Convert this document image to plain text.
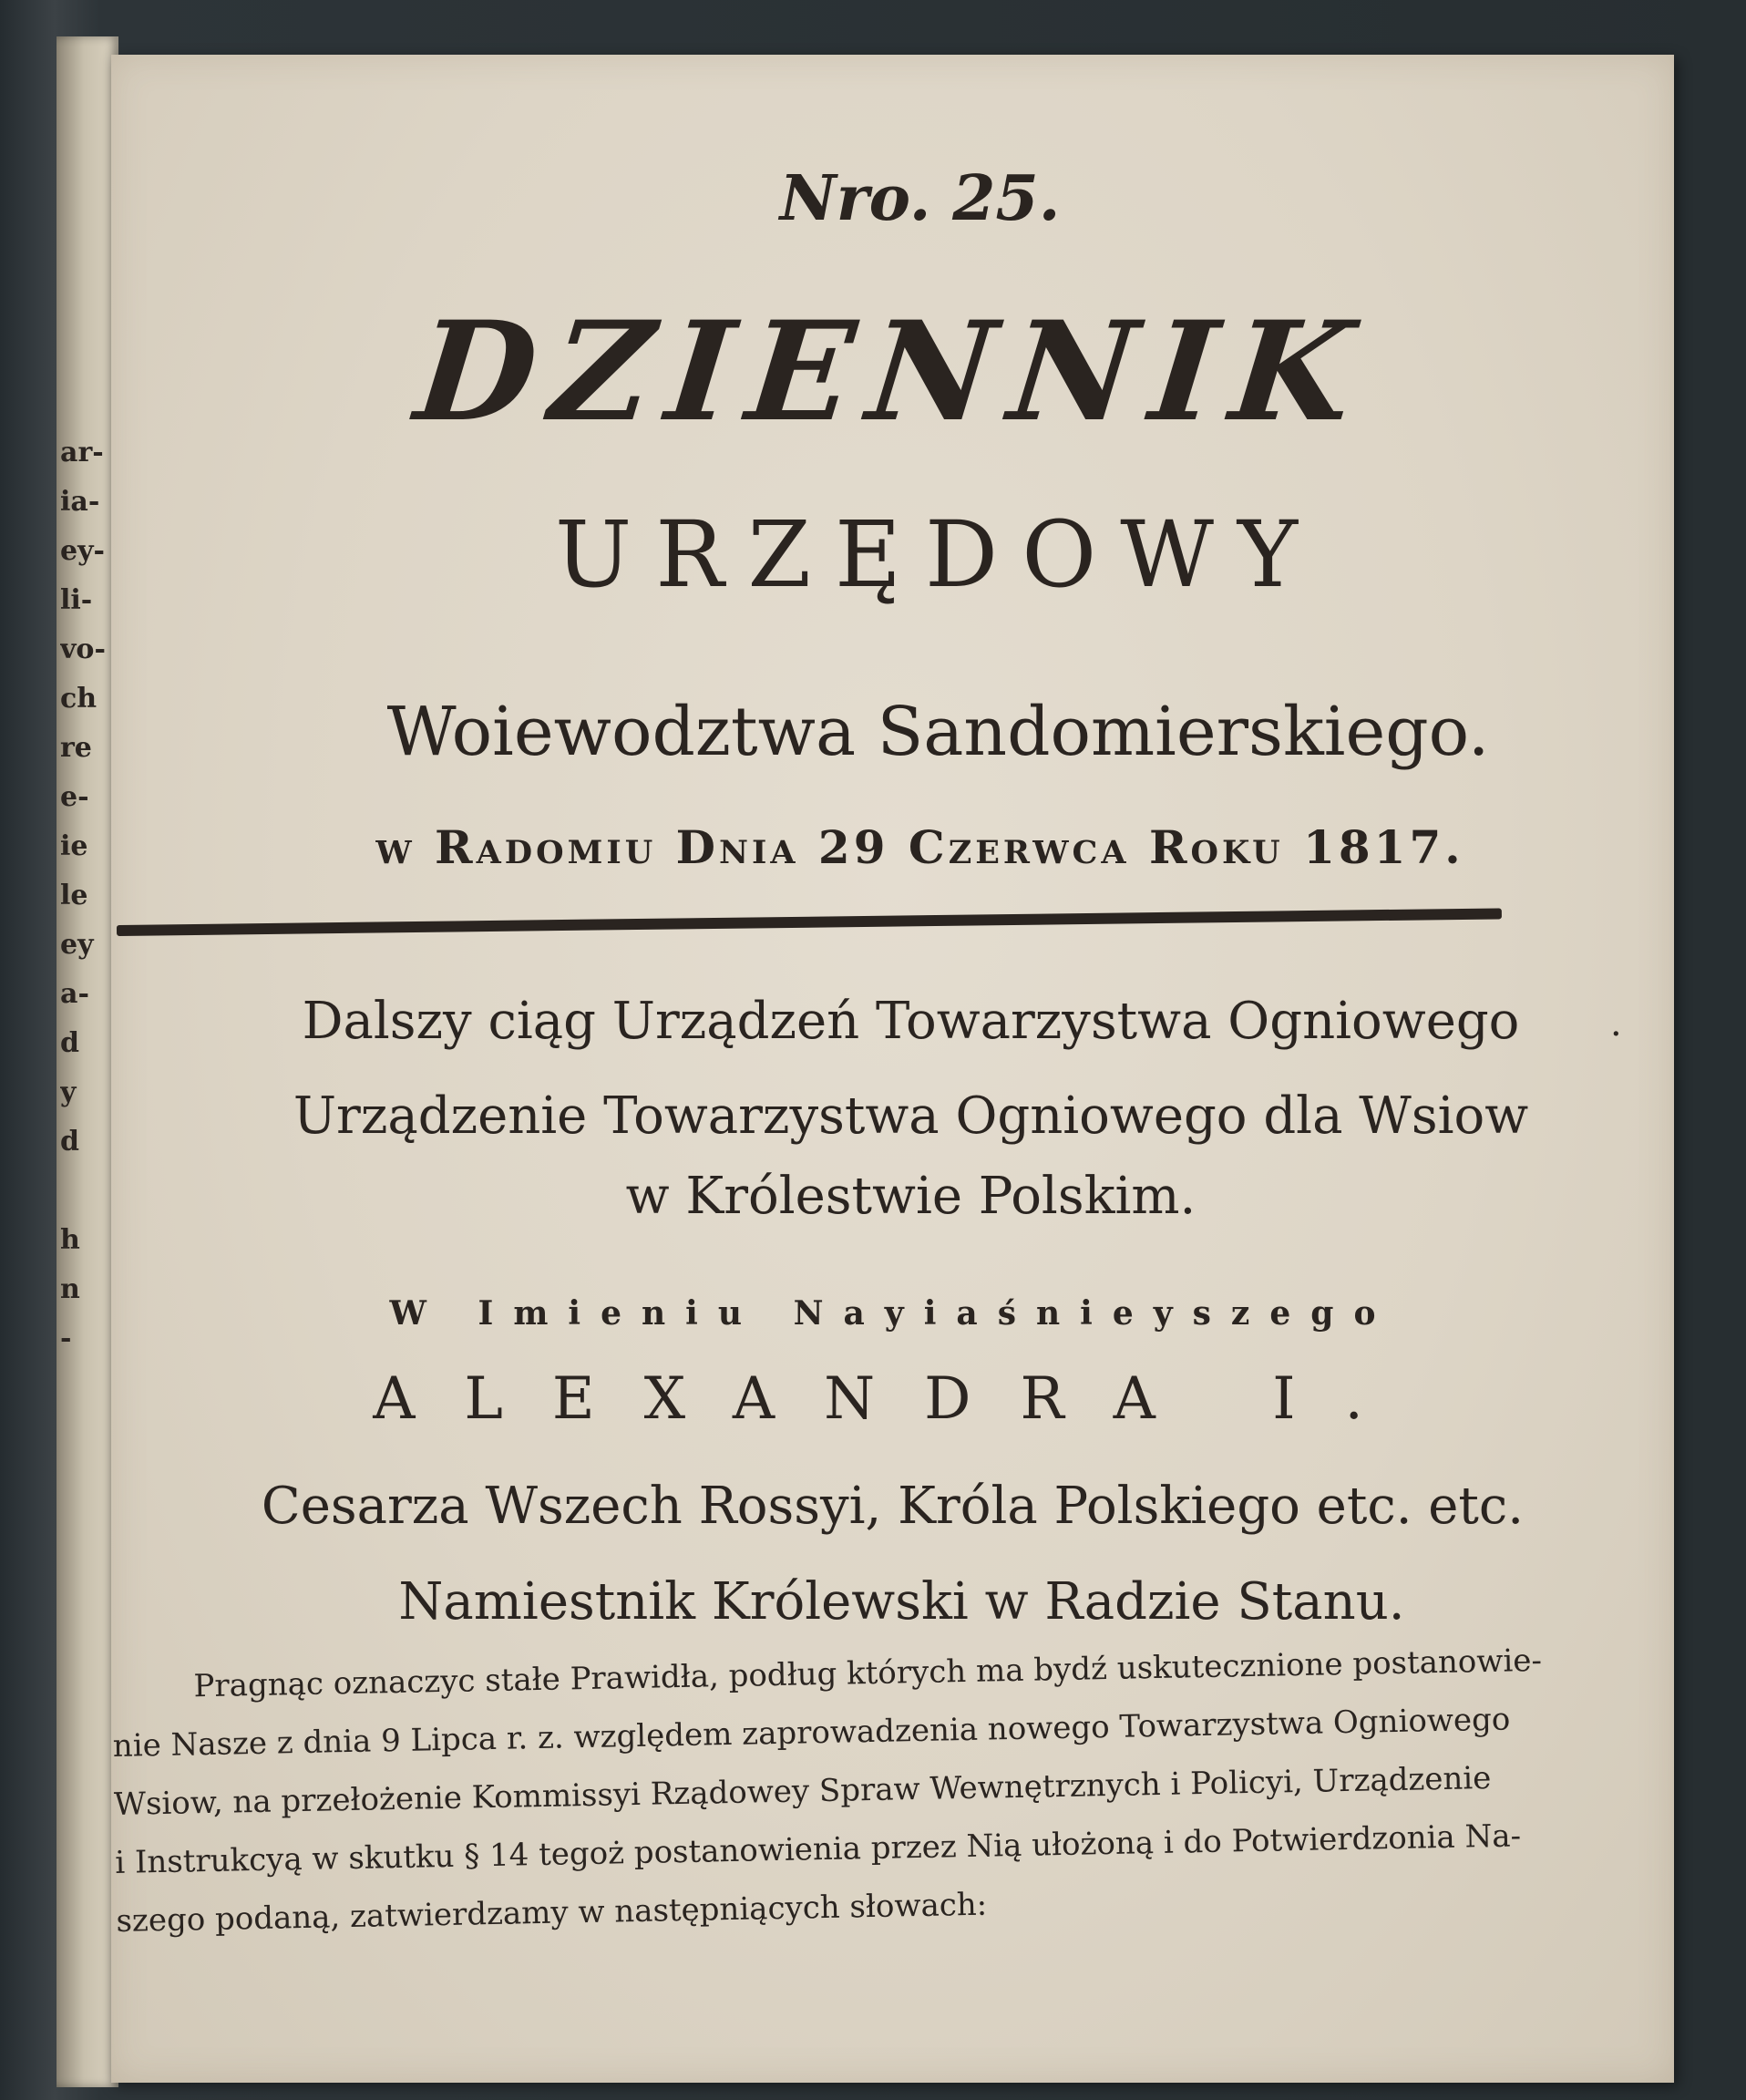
ar-
ia-
ey-
li-
vo-
ch
re
e-
ie
le
ey
a-
d
y
d

h
n
-
Nro. 25.
DZIENNIK
URZĘDOWY
Woiewodztwa Sandomierskiego.
w Radomiu Dnia 29 Czerwca Roku 1817.
Dalszy ciąg Urządzeń Towarzystwa Ogniowego	·
Urządzenie Towarzystwa Ogniowego dla Wsiow
w Królestwie Polskim.
W Imieniu Nayiaśnieyszego
ALEXANDRA I.
Cesarza Wszech Rossyi, Króla Polskiego etc. etc.
Namiestnik Królewski w Radzie Stanu.
Pragnąc oznaczyc stałe Prawidła, podług których ma bydź uskutecznione postanowie-
nie Nasze z dnia 9 Lipca r. z. względem zaprowadzenia nowego Towarzystwa Ogniowego
Wsiow, na przełożenie Kommissyi Rządowey Spraw Wewnętrznych i Policyi, Urządzenie
i Instrukcyą w skutku § 14 tegoż postanowienia przez Nią ułożoną i do Potwierdzonia Na-
szego podaną, zatwierdzamy w następniących słowach:
